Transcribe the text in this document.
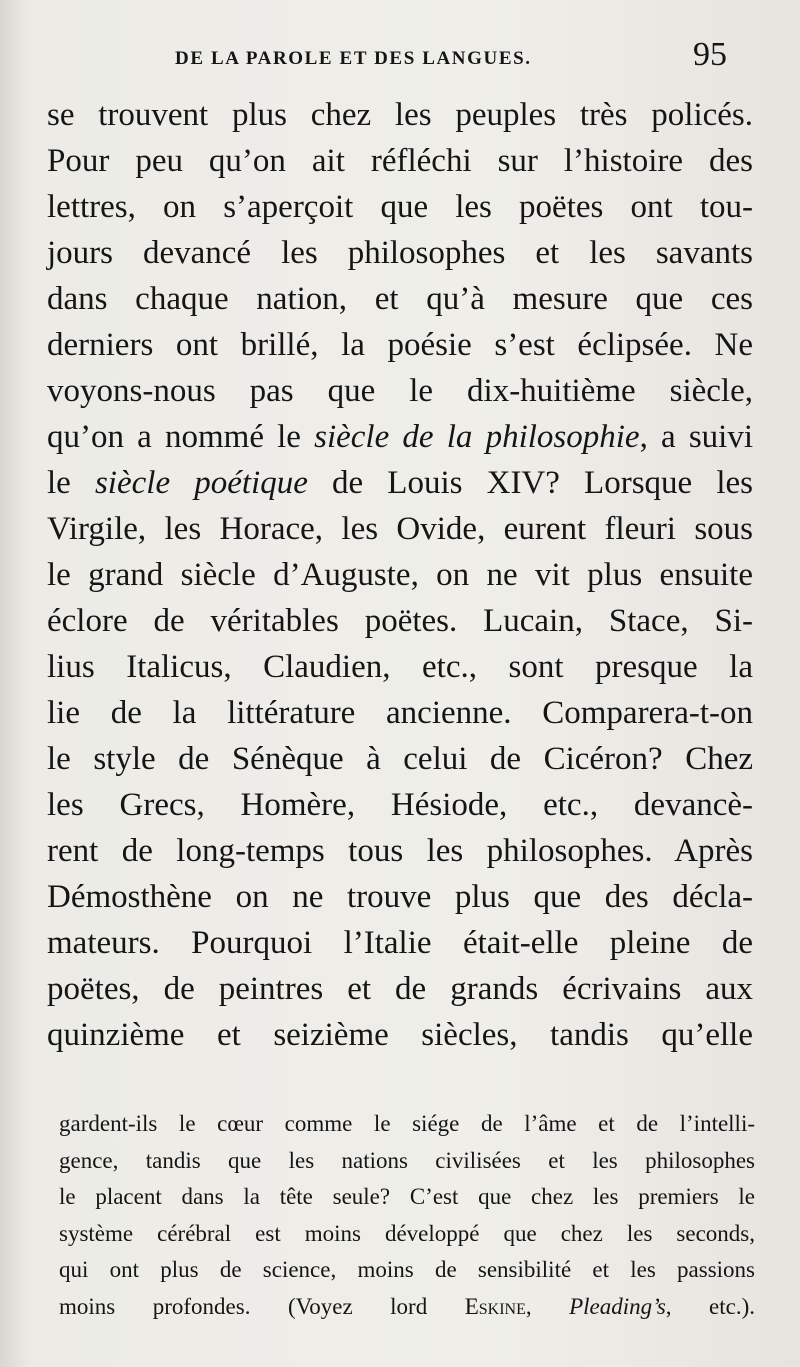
DE LA PAROLE ET DES LANGUES.	95
se trouvent plus chez les peuples très policés.
Pour peu qu’on ait réfléchi sur l’histoire des
lettres, on s’aperçoit que les poëtes ont tou-
jours devancé les philosophes et les savants
dans chaque nation, et qu’à mesure que ces
derniers ont brillé, la poésie s’est éclipsée. Ne
voyons-nous pas que le dix-huitième siècle,
qu’on a nommé le siècle de la philosophie, a suivi
le siècle poétique de Louis XIV? Lorsque les
Virgile, les Horace, les Ovide, eurent fleuri sous
le grand siècle d’Auguste, on ne vit plus ensuite
éclore de véritables poëtes. Lucain, Stace, Si-
lius Italicus, Claudien, etc., sont presque la
lie de la littérature ancienne. Comparera-t-on
le style de Sénèque à celui de Cicéron? Chez
les Grecs, Homère, Hésiode, etc., devancè-
rent de long-temps tous les philosophes. Après
Démosthène on ne trouve plus que des décla-
mateurs. Pourquoi l’Italie était-elle pleine de
poëtes, de peintres et de grands écrivains aux
quinzième et seizième siècles, tandis qu’elle
gardent-ils le cœur comme le siége de l’âme et de l’intelli-
gence, tandis que les nations civilisées et les philosophes
le placent dans la tête seule? C’est que chez les premiers le
système cérébral est moins développé que chez les seconds,
qui ont plus de science, moins de sensibilité et les passions
moins profondes. (Voyez lord Eskine, Pleading’s, etc.).
